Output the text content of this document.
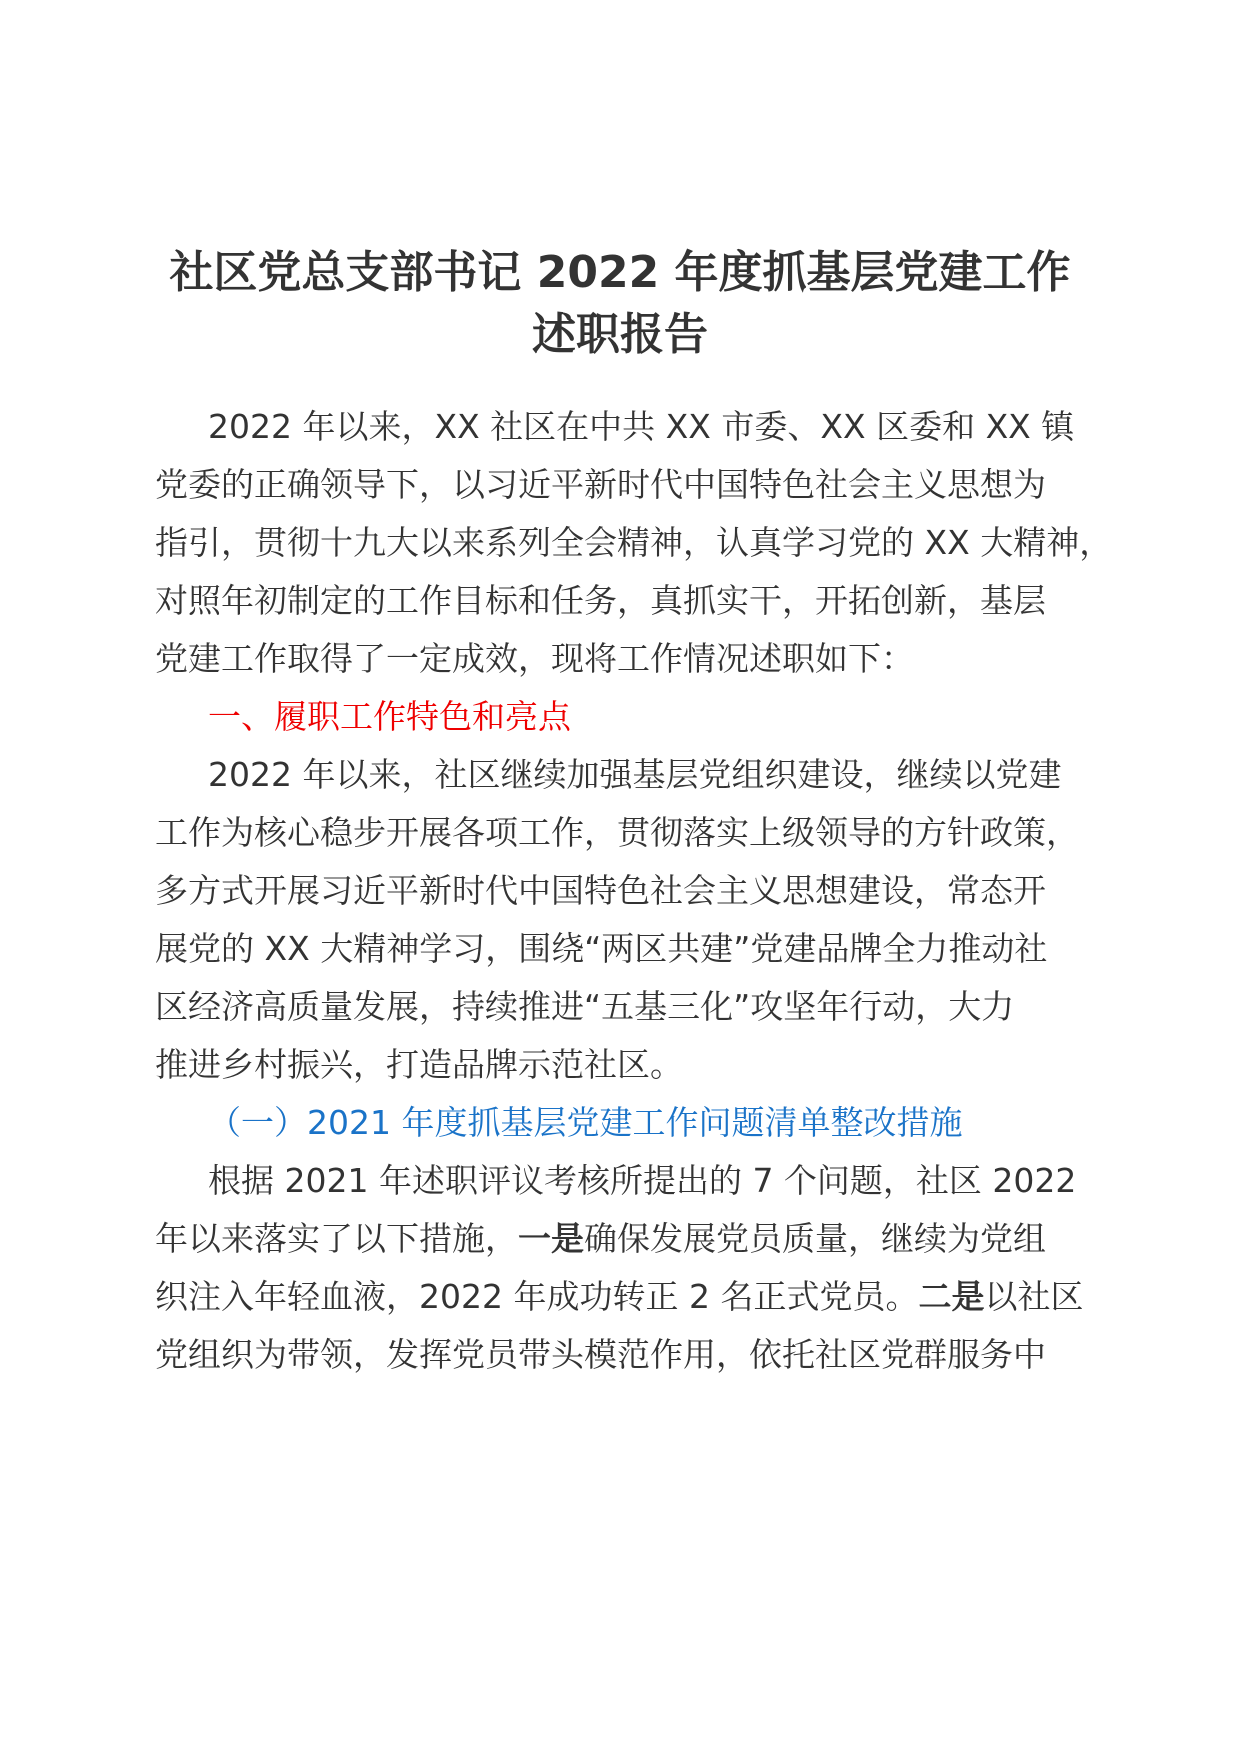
社区党总支部书记 2022 年度抓基层党建工作
述职报告
2022 年以来，XX 社区在中共 XX 市委、XX 区委和 XX 镇
党委的正确领导下，以习近平新时代中国特色社会主义思想为
指引，贯彻十九大以来系列全会精神，认真学习党的 XX 大精神，
对照年初制定的工作目标和任务，真抓实干，开拓创新，基层
党建工作取得了一定成效，现将工作情况述职如下：
一、履职工作特色和亮点
2022 年以来，社区继续加强基层党组织建设，继续以党建
工作为核心稳步开展各项工作，贯彻落实上级领导的方针政策，
多方式开展习近平新时代中国特色社会主义思想建设，常态开
展党的 XX 大精神学习，围绕“两区共建”党建品牌全力推动社
区经济高质量发展，持续推进“五基三化”攻坚年行动，大力
推进乡村振兴，打造品牌示范社区。
（一）2021 年度抓基层党建工作问题清单整改措施
根据 2021 年述职评议考核所提出的 7 个问题，社区 2022
年以来落实了以下措施，一是确保发展党员质量，继续为党组
织注入年轻血液，2022 年成功转正 2 名正式党员。二是以社区
党组织为带领，发挥党员带头模范作用，依托社区党群服务中
